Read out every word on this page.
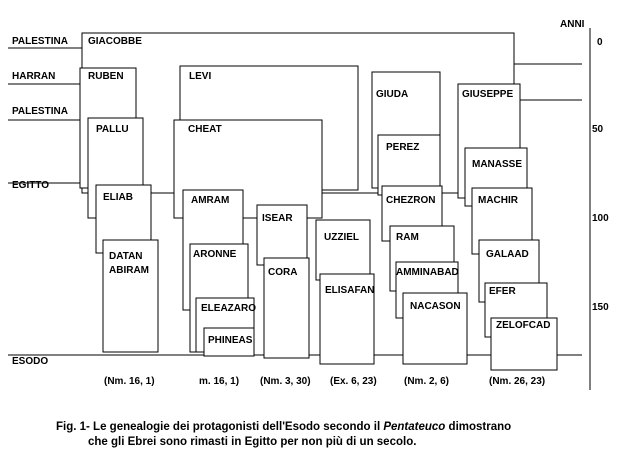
ANNI
0
50
100
150
PALESTINA
HARRAN
PALESTINA
EGITTO
ESODO
GIACOBBE
RUBEN
PALLU
ELIAB
DATAN
ABIRAM
LEVI
CHEAT
AMRAM
ARONNE
ELEAZARO
PHINEAS
ISEAR
CORA
UZZIEL
ELISAFAN
GIUDA
PEREZ
CHEZRON
RAM
AMMINABAD
NACASON
GIUSEPPE
MANASSE
MACHIR
GALAAD
EFER
ZELOFCAD
(Nm. 16, 1)	m. 16, 1) (Nm. 3, 30) (Ex. 6, 23)	(Nm. 2, 6)	(Nm. 26, 23)
Fig. 1- Le genealogie dei protagonisti dell'Esodo secondo il Pentateuco dimostrano
che gli Ebrei sono rimasti in Egitto per non più di un secolo.
